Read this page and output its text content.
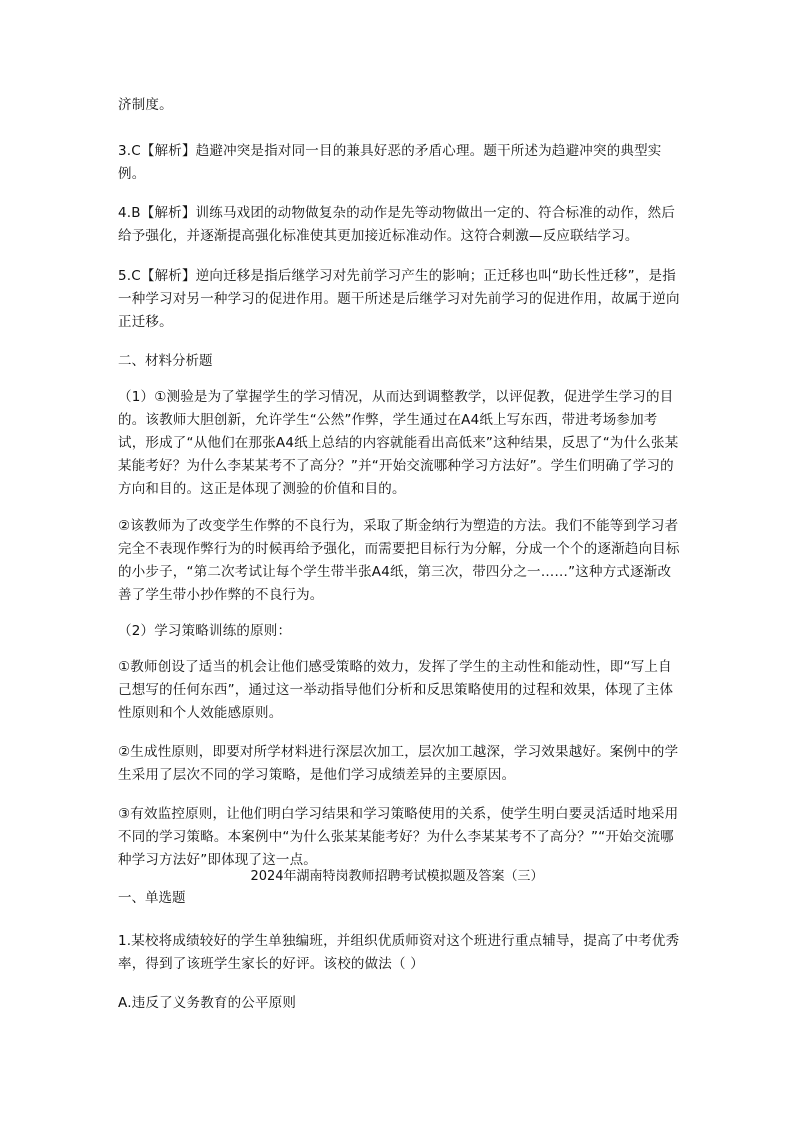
济制度。

3.C【解析】趋避冲突是指对同一目的兼具好恶的矛盾心理。题干所述为趋避冲突的典型实例。

4.B【解析】训练马戏团的动物做复杂的动作是先等动物做出一定的、符合标准的动作，然后给予强化，并逐渐提高强化标准使其更加接近标准动作。这符合刺激—反应联结学习。

5.C【解析】逆向迁移是指后继学习对先前学习产生的影响；正迁移也叫“助长性迁移”，是指一种学习对另一种学习的促进作用。题干所述是后继学习对先前学习的促进作用，故属于逆向正迁移。

二、材料分析题

（1）①测验是为了掌握学生的学习情况，从而达到调整教学，以评促教，促进学生学习的目的。该教师大胆创新，允许学生“公然”作弊，学生通过在A4纸上写东西，带进考场参加考试，形成了“从他们在那张A4纸上总结的内容就能看出高低来”这种结果，反思了“为什么张某某能考好？为什么李某某考不了高分？”并“开始交流哪种学习方法好”。学生们明确了学习的方向和目的。这正是体现了测验的价值和目的。

②该教师为了改变学生作弊的不良行为，采取了斯金纳行为塑造的方法。我们不能等到学习者完全不表现作弊行为的时候再给予强化，而需要把目标行为分解，分成一个个的逐渐趋向目标的小步子，“第二次考试让每个学生带半张A4纸，第三次，带四分之一……”这种方式逐渐改善了学生带小抄作弊的不良行为。

（2）学习策略训练的原则：

①教师创设了适当的机会让他们感受策略的效力，发挥了学生的主动性和能动性，即“写上自己想写的任何东西”，通过这一举动指导他们分析和反思策略使用的过程和效果，体现了主体性原则和个人效能感原则。

②生成性原则，即要对所学材料进行深层次加工，层次加工越深，学习效果越好。案例中的学生采用了层次不同的学习策略，是他们学习成绩差异的主要原因。

③有效监控原则，让他们明白学习结果和学习策略使用的关系，使学生明白要灵活适时地采用不同的学习策略。本案例中“为什么张某某能考好？为什么李某某考不了高分？”“开始交流哪种学习方法好”即体现了这一点。

2024年湖南特岗教师招聘考试模拟题及答案（三）

一、单选题

1.某校将成绩较好的学生单独编班，并组织优质师资对这个班进行重点辅导，提高了中考优秀率，得到了该班学生家长的好评。该校的做法（ ）

A.违反了义务教育的公平原则
